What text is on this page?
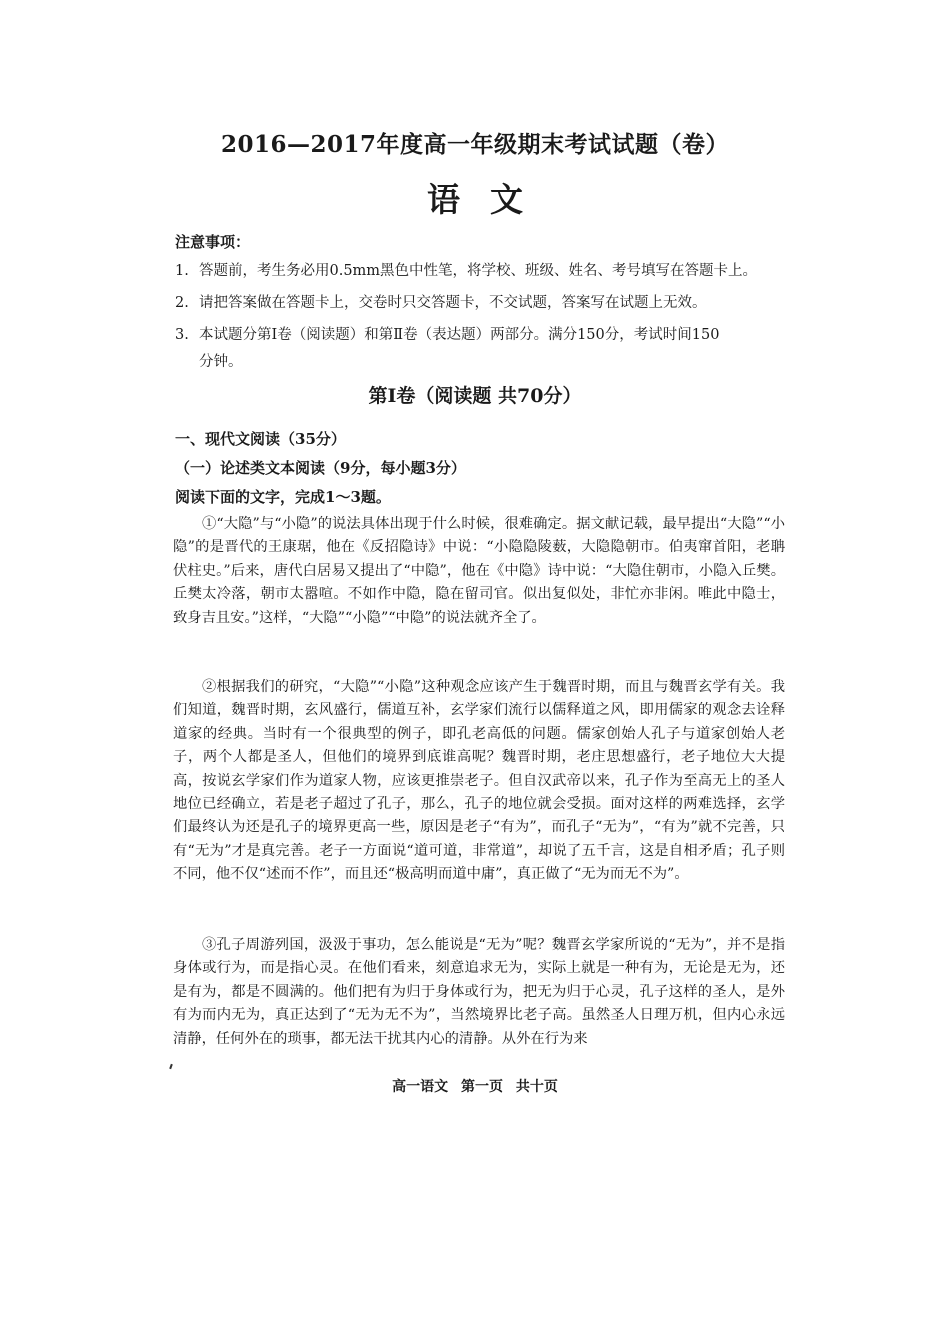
2016—2017年度高一年级期末考试试题（卷）
语文
注意事项：
1. 答题前，考生务必用0.5mm黑色中性笔，将学校、班级、姓名、考号填写在答题卡上。
2. 请把答案做在答题卡上，交卷时只交答题卡，不交试题，答案写在试题上无效。
3. 本试题分第Ⅰ卷（阅读题）和第Ⅱ卷（表达题）两部分。满分150分，考试时间150
分钟。
第Ⅰ卷（阅读题 共70分）
一、现代文阅读（35分）
（一）论述类文本阅读（9分，每小题3分）
阅读下面的文字，完成1～3题。

①“大隐”与“小隐”的说法具体出现于什么时候，很难确定。据文献记载，最早提出“大隐”“小隐”的是晋代的王康琚，他在《反招隐诗》中说：“小隐隐陵薮，大隐隐朝市。伯夷窜首阳，老聃伏柱史。”后来，唐代白居易又提出了“中隐”，他在《中隐》诗中说：“大隐住朝市，小隐入丘樊。丘樊太冷落，朝市太嚣喧。不如作中隐，隐在留司官。似出复似处，非忙亦非闲。唯此中隐士，致身吉且安。”这样，“大隐”“小隐”“中隐”的说法就齐全了。

②根据我们的研究，“大隐”“小隐”这种观念应该产生于魏晋时期，而且与魏晋玄学有关。我们知道，魏晋时期，玄风盛行，儒道互补，玄学家们流行以儒释道之风，即用儒家的观念去诠释道家的经典。当时有一个很典型的例子，即孔老高低的问题。儒家创始人孔子与道家创始人老子，两个人都是圣人，但他们的境界到底谁高呢？魏晋时期，老庄思想盛行，老子地位大大提高，按说玄学家们作为道家人物，应该更推崇老子。但自汉武帝以来，孔子作为至高无上的圣人地位已经确立，若是老子超过了孔子，那么，孔子的地位就会受损。面对这样的两难选择，玄学们最终认为还是孔子的境界更高一些，原因是老子“有为”，而孔子“无为”，“有为”就不完善，只有“无为”才是真完善。老子一方面说“道可道，非常道”，却说了五千言，这是自相矛盾；孔子则不同，他不仅“述而不作”，而且还“极高明而道中庸”，真正做了“无为而无不为”。

③孔子周游列国，汲汲于事功，怎么能说是“无为”呢？魏晋玄学家所说的“无为”，并不是指身体或行为，而是指心灵。在他们看来，刻意追求无为，实际上就是一种有为，无论是无为，还是有为，都是不圆满的。他们把有为归于身体或行为，把无为归于心灵，孔子这样的圣人，是外有为而内无为，真正达到了“无为无不为”，当然境界比老子高。虽然圣人日理万机，但内心永远清静，任何外在的琐事，都无法干扰其内心的清静。从外在行为来

高一语文 第一页 共十页
